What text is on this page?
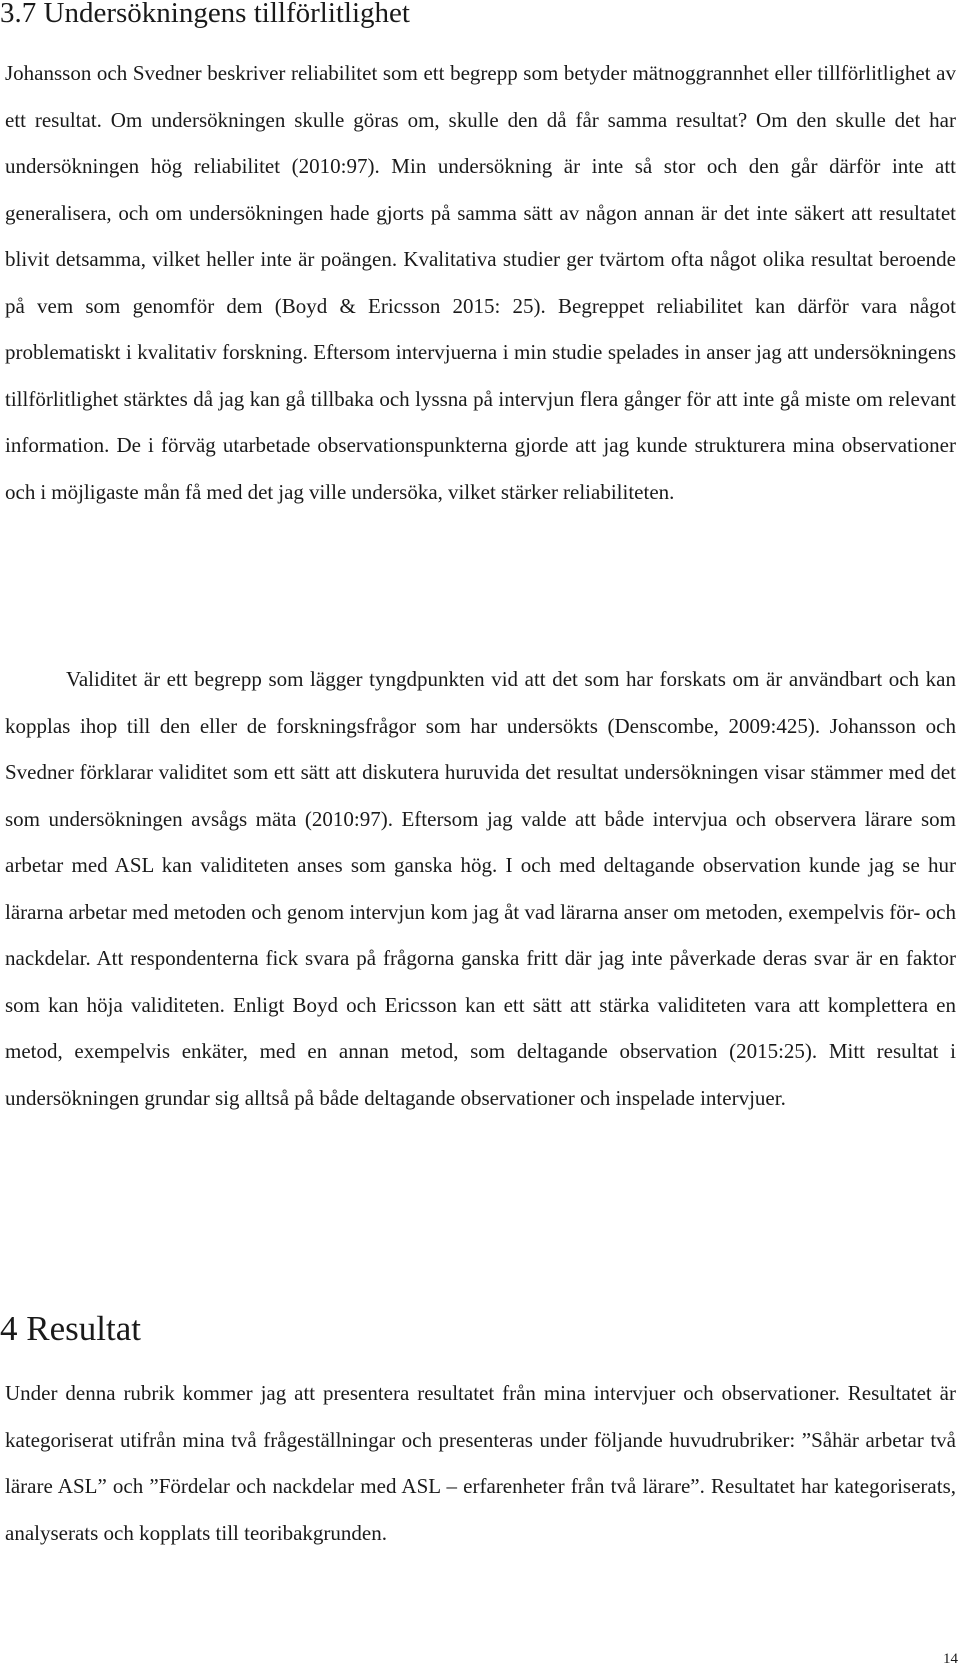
3.7 Undersökningens tillförlitlighet

Johansson och Svedner beskriver reliabilitet som ett begrepp som betyder mätnoggrannhet eller tillförlitlighet av ett resultat. Om undersökningen skulle göras om, skulle den då får samma resultat? Om den skulle det har undersökningen hög reliabilitet (2010:97). Min undersökning är inte så stor och den går därför inte att generalisera, och om undersökningen hade gjorts på samma sätt av någon annan är det inte säkert att resultatet blivit detsamma, vilket heller inte är poängen. Kvalitativa studier ger tvärtom ofta något olika resultat beroende på vem som genomför dem (Boyd & Ericsson 2015: 25). Begreppet reliabilitet kan därför vara något problematiskt i kvalitativ forskning. Eftersom intervjuerna i min studie spelades in anser jag att undersökningens tillförlitlighet stärktes då jag kan gå tillbaka och lyssna på intervjun flera gånger för att inte gå miste om relevant information. De i förväg utarbetade observationspunkterna gjorde att jag kunde strukturera mina observationer och i möjligaste mån få med det jag ville undersöka, vilket stärker reliabiliteten.

Validitet är ett begrepp som lägger tyngdpunkten vid att det som har forskats om är användbart och kan kopplas ihop till den eller de forskningsfrågor som har undersökts (Denscombe, 2009:425). Johansson och Svedner förklarar validitet som ett sätt att diskutera huruvida det resultat undersökningen visar stämmer med det som undersökningen avsågs mäta (2010:97). Eftersom jag valde att både intervjua och observera lärare som arbetar med ASL kan validiteten anses som ganska hög. I och med deltagande observation kunde jag se hur lärarna arbetar med metoden och genom intervjun kom jag åt vad lärarna anser om metoden, exempelvis för- och nackdelar. Att respondenterna fick svara på frågorna ganska fritt där jag inte påverkade deras svar är en faktor som kan höja validiteten. Enligt Boyd och Ericsson kan ett sätt att stärka validiteten vara att komplettera en metod, exempelvis enkäter, med en annan metod, som deltagande observation (2015:25). Mitt resultat i undersökningen grundar sig alltså på både deltagande observationer och inspelade intervjuer.

4 Resultat

Under denna rubrik kommer jag att presentera resultatet från mina intervjuer och observationer. Resultatet är kategoriserat utifrån mina två frågeställningar och presenteras under följande huvudrubriker: ”Såhär arbetar två lärare ASL” och ”Fördelar och nackdelar med ASL – erfarenheter från två lärare”. Resultatet har kategoriserats, analyserats och kopplats till teoribakgrunden.

14
